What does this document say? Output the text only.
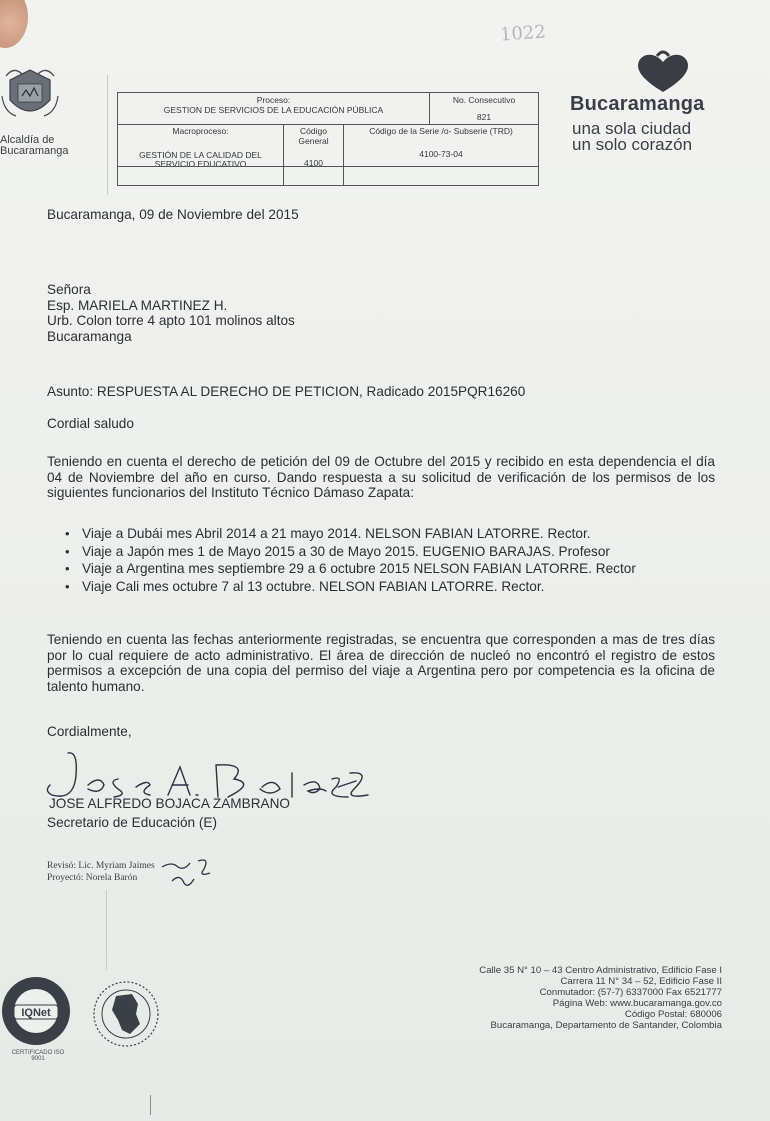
Alcaldía de Bucaramanga
1022
Proceso:
GESTION DE SERVICIOS DE LA EDUCACIÓN PÚBLICA
No. Consecutivo
821
Macroproceso:
GESTIÓN DE LA CALIDAD DEL SERVICIO EDUCATIVO
Código General
4100
Código de la Serie /o- Subserie (TRD)
4100-73-04
Bucaramanga
una sola ciudad
un solo corazón
Bucaramanga, 09 de Noviembre del 2015
Señora
Esp. MARIELA MARTINEZ H.
Urb. Colon torre 4 apto 101 molinos altos
Bucaramanga
Asunto: RESPUESTA AL DERECHO DE PETICION, Radicado 2015PQR16260
Cordial saludo
Teniendo en cuenta el derecho de petición del 09 de Octubre del 2015 y recibido en esta dependencia el día 04 de Noviembre del año en curso. Dando respuesta a su solicitud de verificación de los permisos de los siguientes funcionarios del Instituto Técnico Dámaso Zapata:
• Viaje a Dubái mes Abril 2014 a 21 mayo 2014. NELSON FABIAN LATORRE. Rector.
• Viaje a Japón mes 1 de Mayo 2015 a 30 de Mayo 2015. EUGENIO BARAJAS. Profesor
• Viaje a Argentina mes septiembre 29 a 6 octubre 2015 NELSON FABIAN LATORRE. Rector
• Viaje Cali mes octubre 7 al 13 octubre. NELSON FABIAN LATORRE. Rector.
Teniendo en cuenta las fechas anteriormente registradas, se encuentra que corresponden a mas de tres días por lo cual requiere de acto administrativo. El área de dirección de nucleó no encontró el registro de estos permisos a excepción de una copia del permiso del viaje a Argentina pero por competencia es la oficina de talento humano.
Cordialmente,
JOSE ALFREDO BOJACA ZAMBRANO
Secretario de Educación (E)
Revisó: Lic. Myriam Jaimes
Proyectó: Norela Barón
IQNet
CERTIFICADO ISO 9001
Calle 35 N° 10 – 43 Centro Administrativo, Edificio Fase I
Carrera 11 N° 34 – 52, Edificio Fase II
Conmutador: (57-7) 6337000 Fax 6521777
Página Web: www.bucaramanga.gov.co
Código Postal: 680006
Bucaramanga, Departamento de Santander, Colombia
